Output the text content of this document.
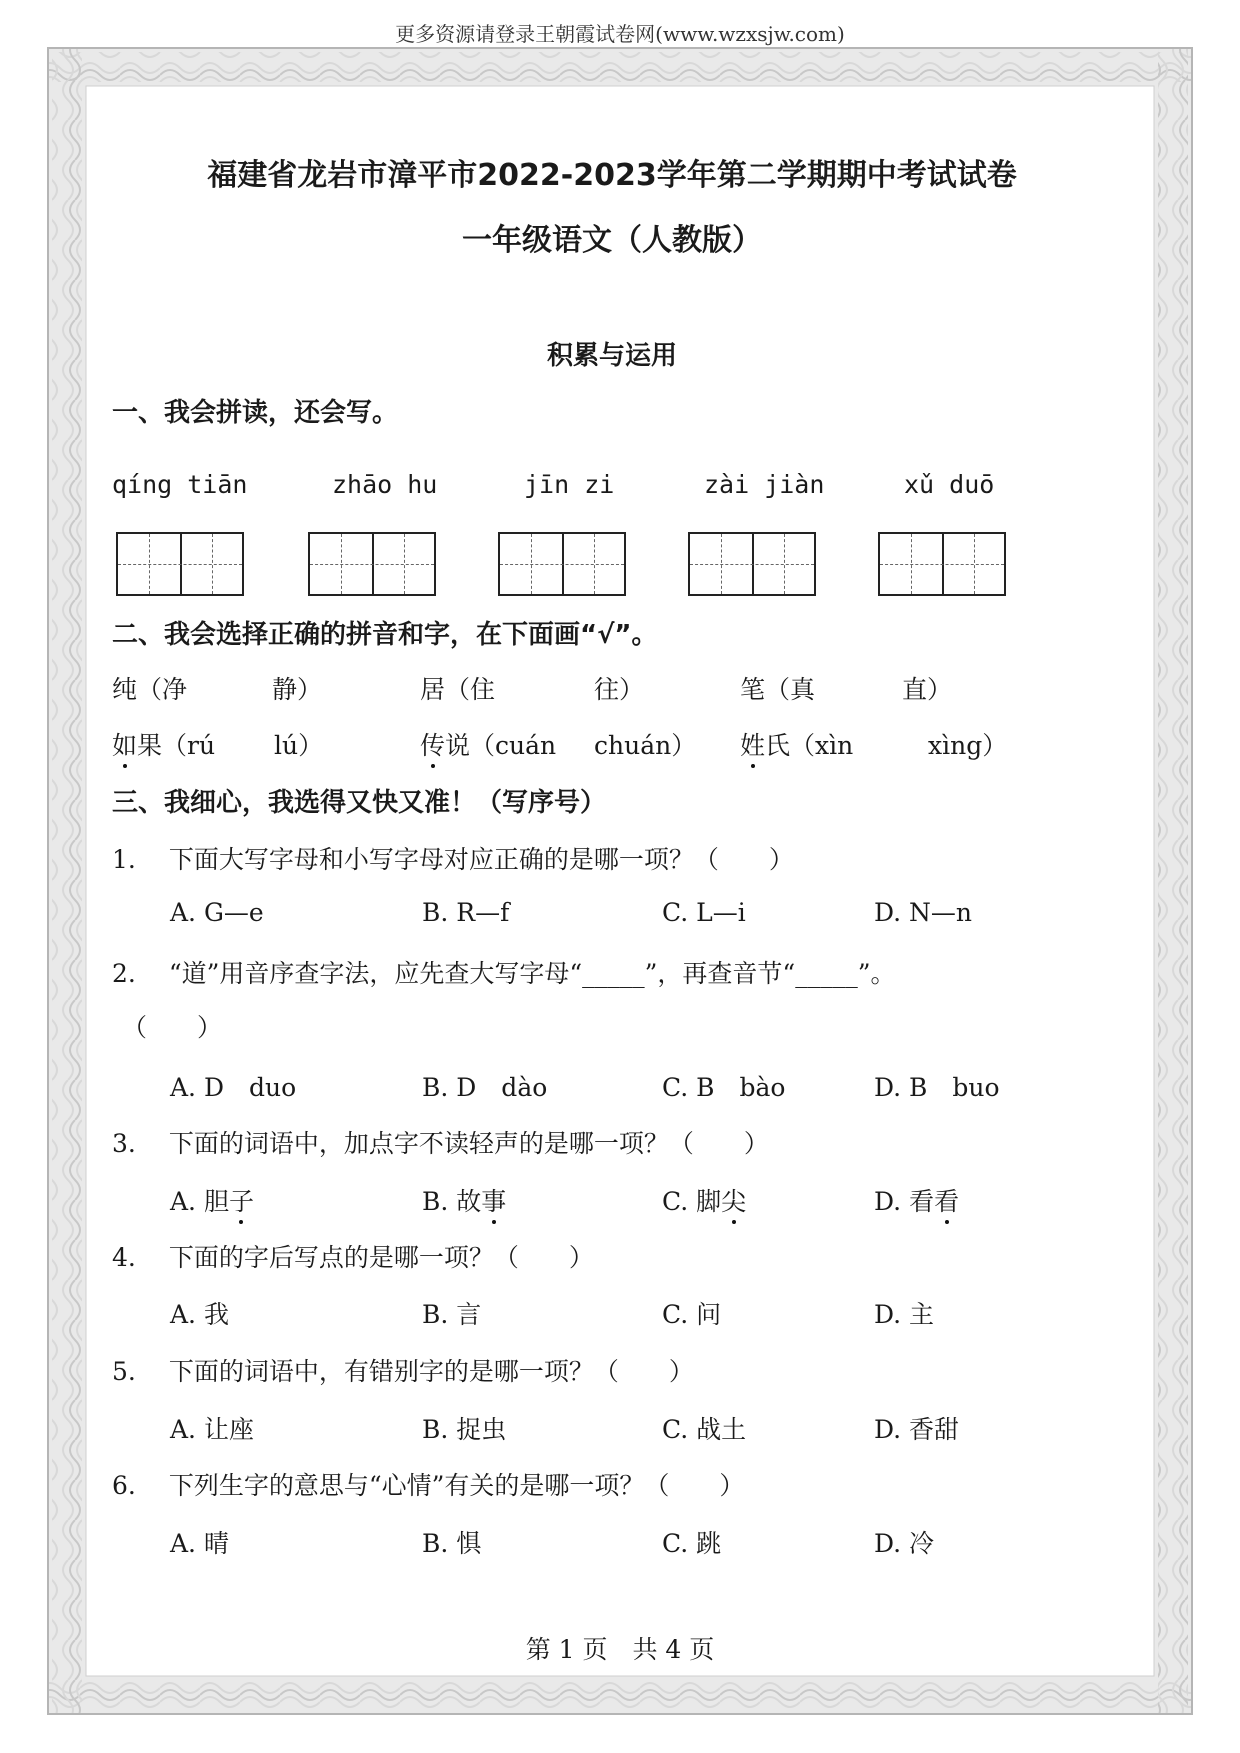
更多资源请登录王朝霞试卷网(www.wzxsjw.com)
福建省龙岩市漳平市2022-2023学年第二学期期中考试试卷
一年级语文（人教版）
积累与运用
一、我会拼读，还会写。
qíng tiān	zhāo hu	jīn zi	zài jiàn	xǔ duō
二、我会选择正确的拼音和字，在下面画“√”。
纯（净	静）	居（住	往）	笔（真	直）
如果（rú lú）	传说（cuán chuán） 姓氏（xìn	xìng）
三、我细心，我选得又快又准！（写序号）
1.　 下面大写字母和小写字母对应正确的是哪一项？（　　）
A. G—e	B. R—f	C. L—i	D. N—n
2.　 “道”用音序查字法，应先查大写字母“_____”，再查音节“_____”。
（　　）
A. D　duo	B. D　dào	C. B　bào	D. B　buo
3.　 下面的词语中，加点字不读轻声的是哪一项？（　　）
A. 胆子	B. 故事	C. 脚尖	D. 看看
4.　 下面的字后写点的是哪一项？（　　）
A. 我	B. 言	C. 问	D. 主
5.　 下面的词语中，有错别字的是哪一项？（　　）
A. 让座	B. 捉虫	C. 战土	D. 香甜
6.　 下列生字的意思与“心情”有关的是哪一项？（　　）
A. 晴	B. 惧	C. 跳	D. 冷
第 1 页　共 4 页
